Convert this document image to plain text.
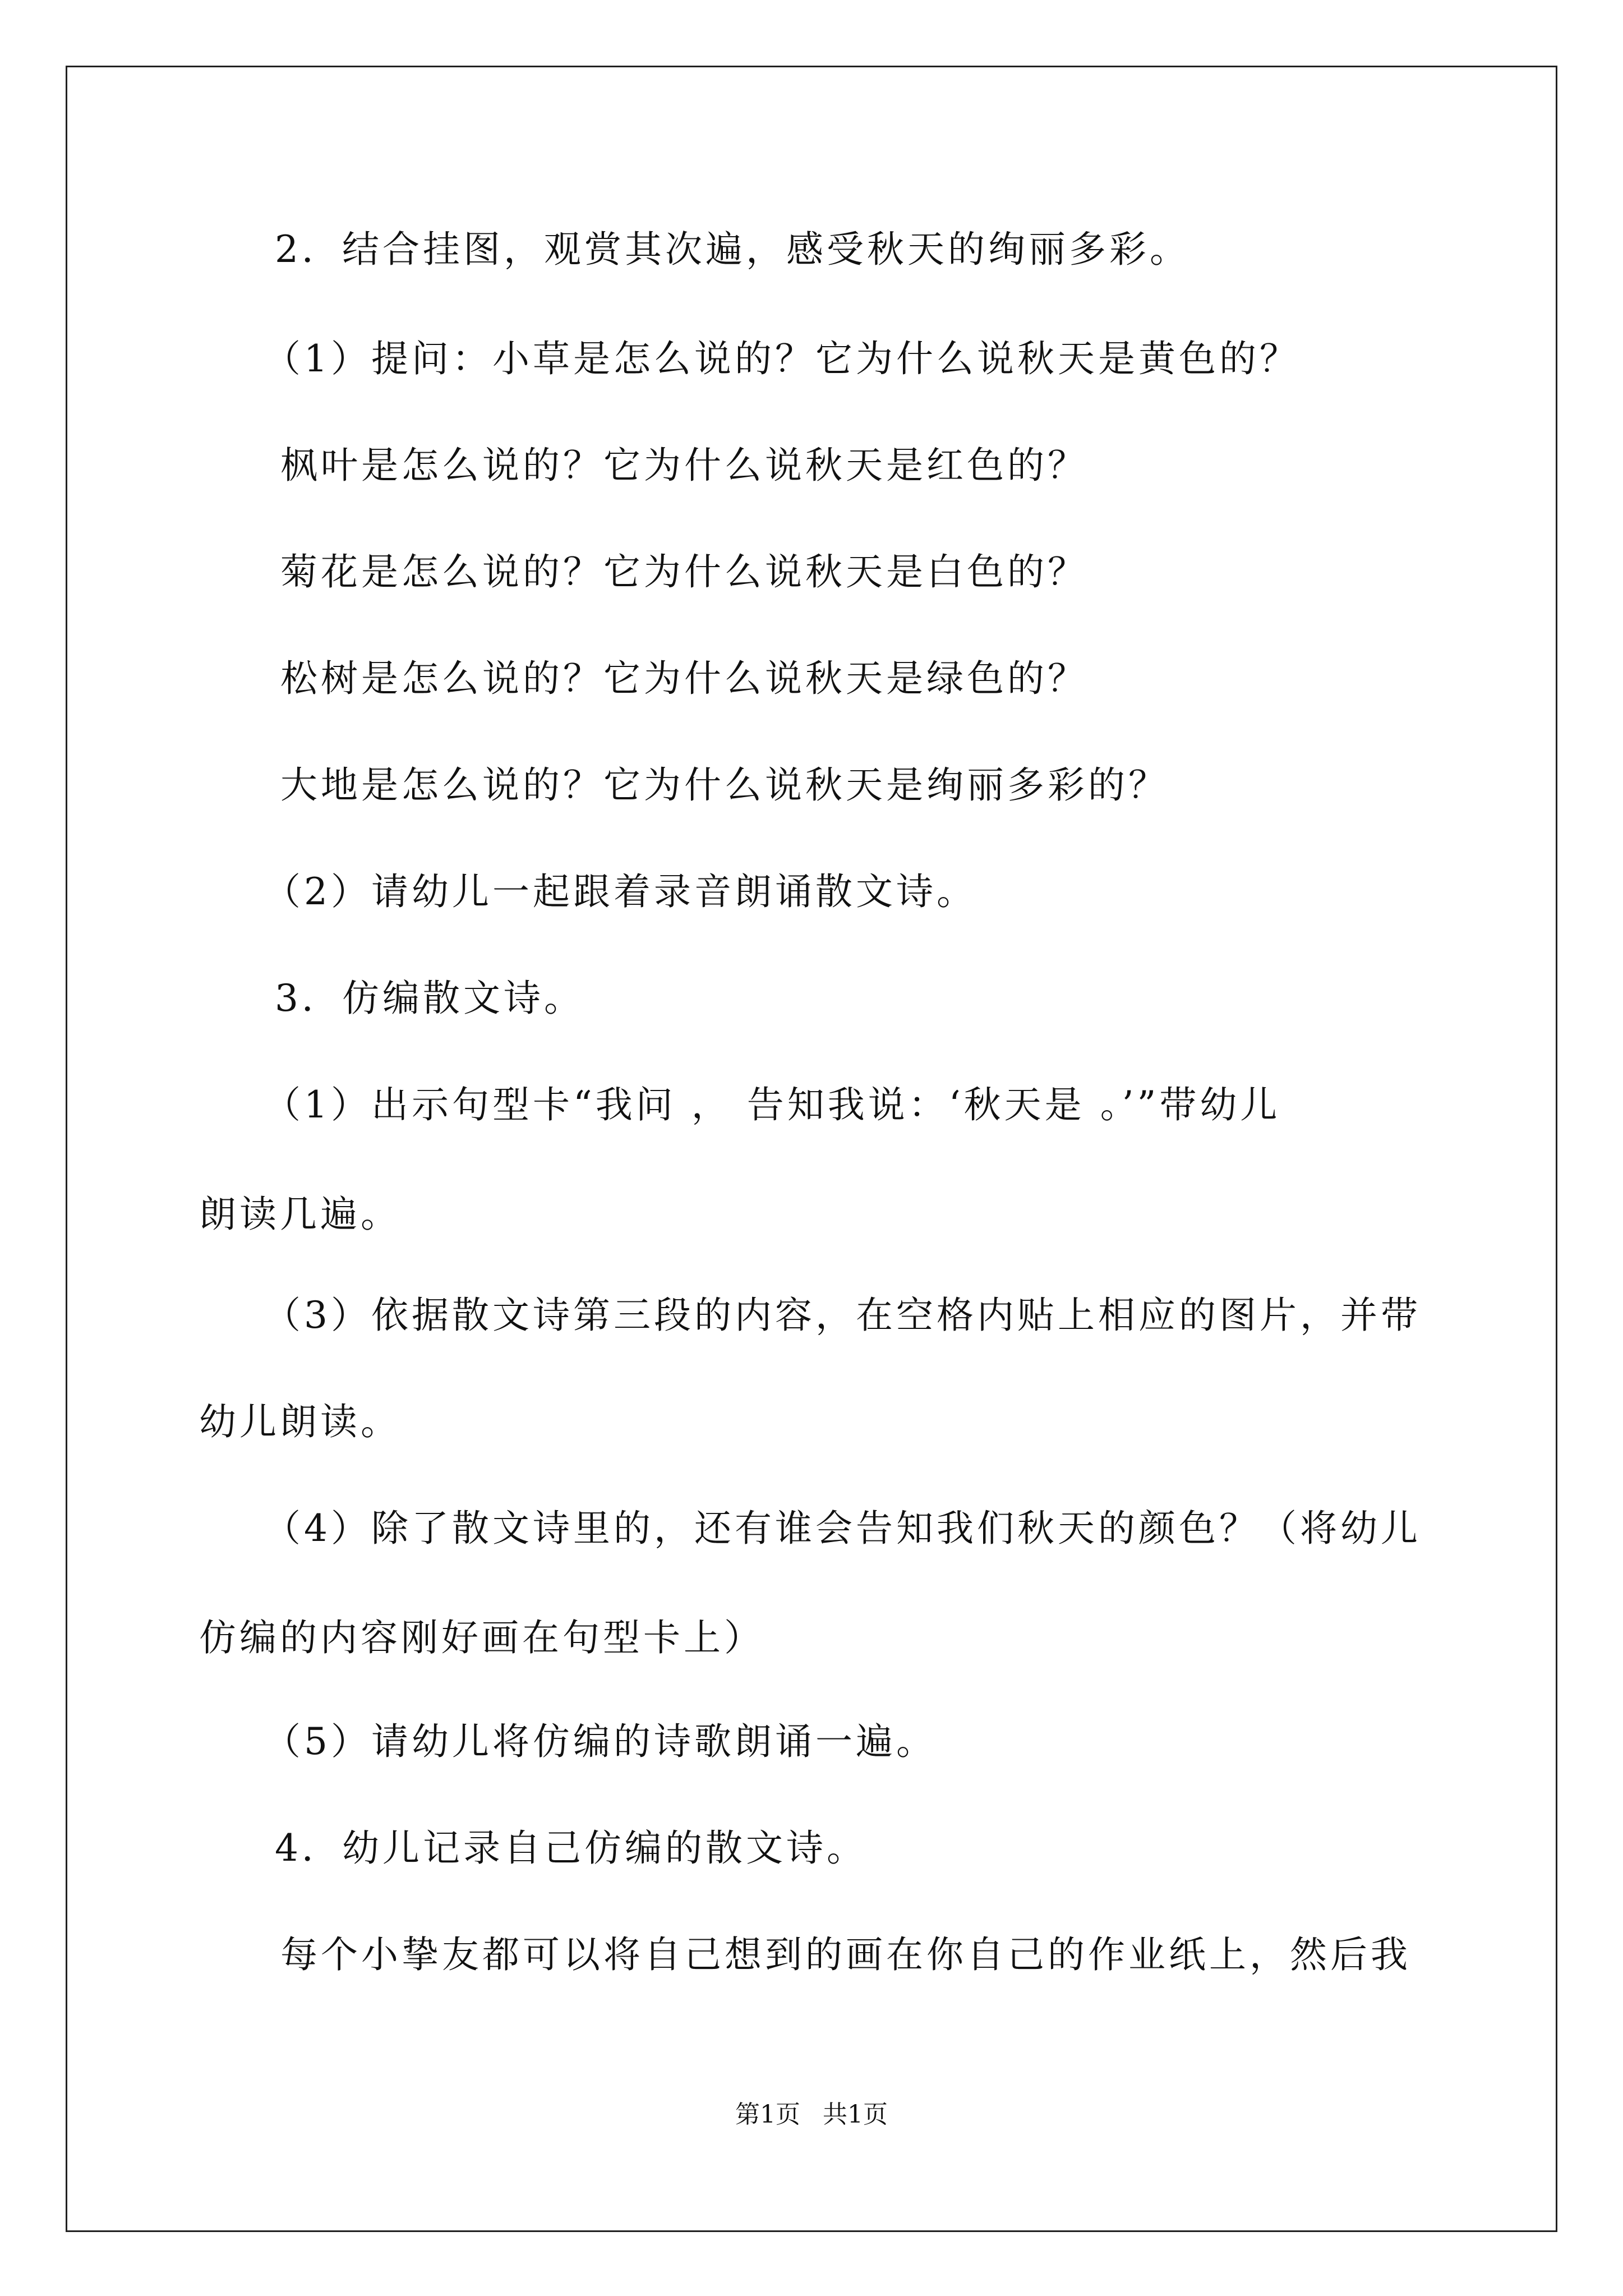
2．结合挂图，观赏其次遍，感受秋天的绚丽多彩。
（1）提问：小草是怎么说的？它为什么说秋天是黄色的？
枫叶是怎么说的？它为什么说秋天是红色的？
菊花是怎么说的？它为什么说秋天是白色的？
松树是怎么说的？它为什么说秋天是绿色的？
大地是怎么说的？它为什么说秋天是绚丽多彩的？
（2）请幼儿一起跟着录音朗诵散文诗。
3．仿编散文诗。
（1）出示句型卡“我问 ， 告知我说：‘秋天是 。’”带幼儿
朗读几遍。
（3）依据散文诗第三段的内容，在空格内贴上相应的图片，并带
幼儿朗读。
（4）除了散文诗里的，还有谁会告知我们秋天的颜色？（将幼儿
仿编的内容刚好画在句型卡上）
（5）请幼儿将仿编的诗歌朗诵一遍。
4．幼儿记录自己仿编的散文诗。
每个小挚友都可以将自己想到的画在你自己的作业纸上，然后我
第1页 共1页
